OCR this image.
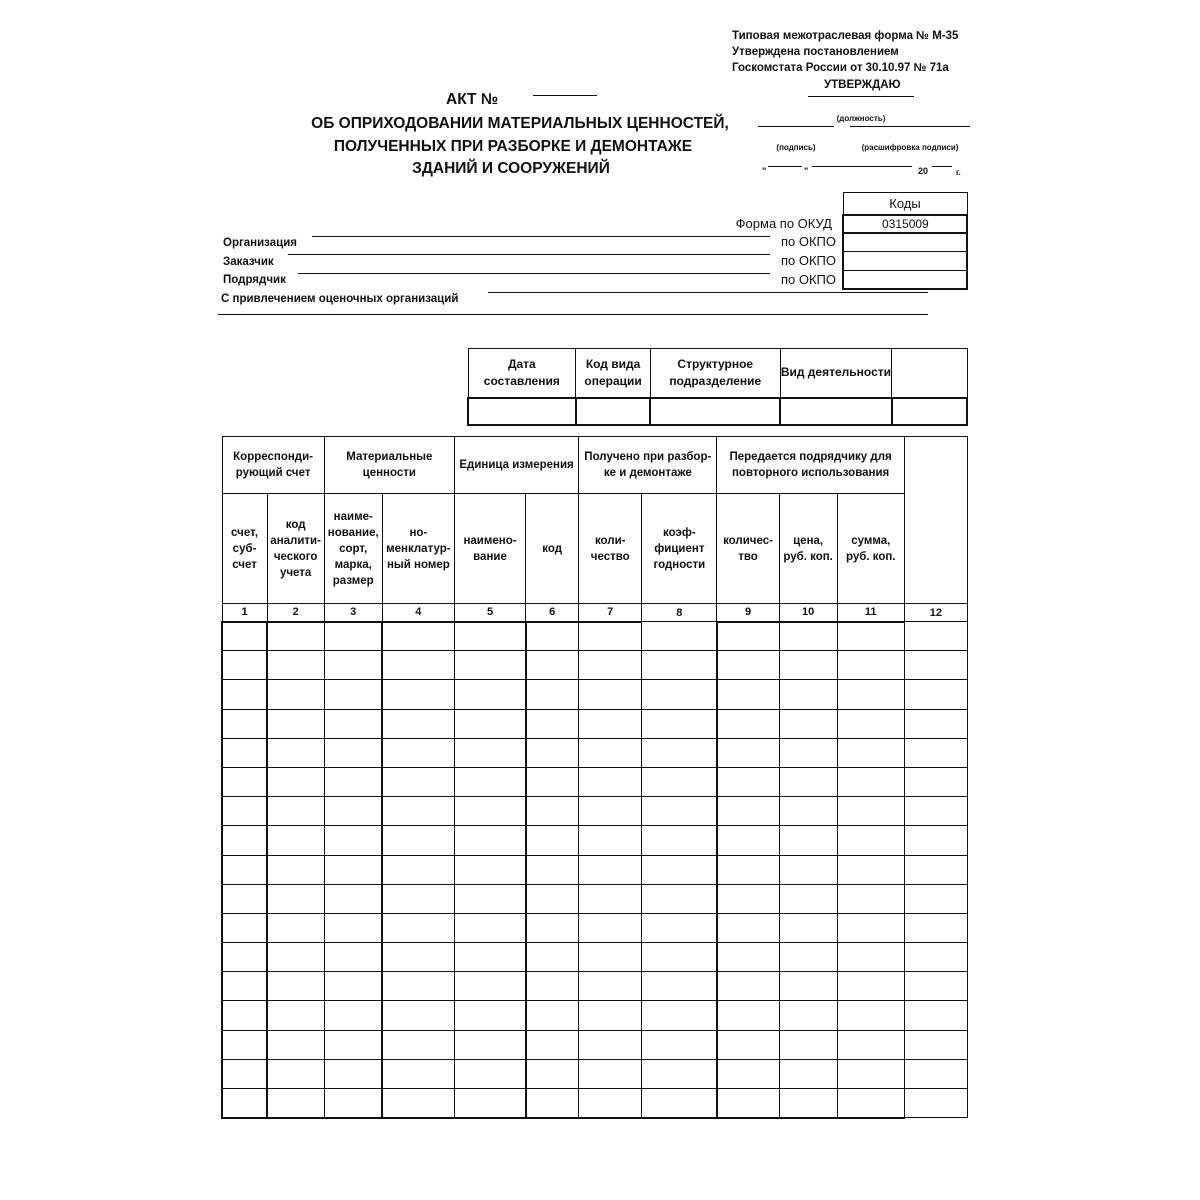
Типовая межотраслевая форма № М-35
Утверждена постановлением
Госкомстата России от 30.10.97 № 71а
УТВЕРЖДАЮ
(должность)
(подпись)	(расшифровка подписи)
"	"	20	г.
АКТ №
ОБ ОПРИХОДОВАНИИ МАТЕРИАЛЬНЫХ ЦЕННОСТЕЙ,
ПОЛУЧЕННЫХ ПРИ РАЗБОРКЕ И ДЕМОНТАЖЕ
ЗДАНИЙ И СООРУЖЕНИЙ
Форма по ОКУД
по ОКПО
по ОКПО
по ОКПО
Коды
0315009

Организация
Заказчик
Подрядчик
С привлечением оценочных организаций
Дата составления	Код вида операции	Структурное подразделение	Вид деятельности	

Корреспонди-рующий счет		Материальные ценности		Единица измерения		Получено при разбор-ке и демонтаже		Передается подрядчику для повторного использования			
счет, суб-счет	код аналити-ческого учета	наиме-нование, сорт, марка, размер	но-менклатур-ный номер	наимено-вание	код	коли-чество	коэф-фициент годности	количес-тво	цена, руб. коп.	сумма, руб. коп.	
1	2	3	4	5	6	7	8	9	10	11	12
